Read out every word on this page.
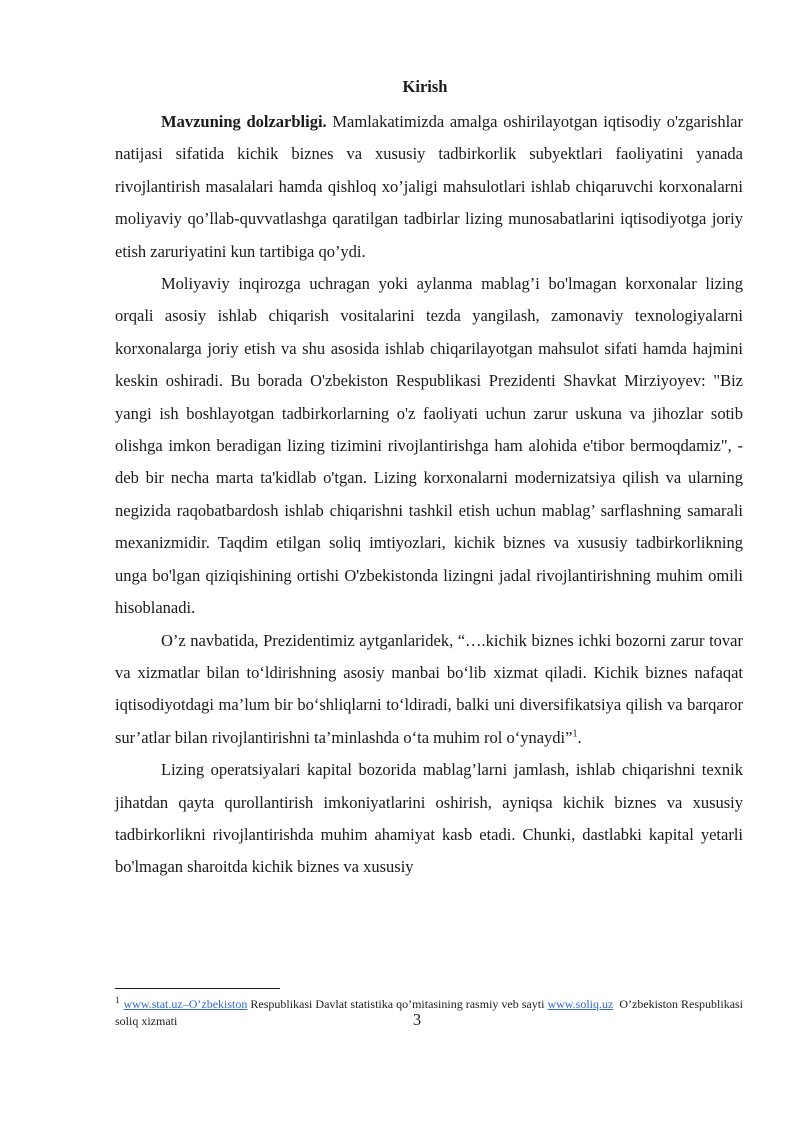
Kirish

Mavzuning dolzarbligi. Mamlakatimizda amalga oshirilayotgan iqtisodiy o'zgarishlar natijasi sifatida kichik biznes va xususiy tadbirkorlik subyektlari faoliyatini yanada rivojlantirish masalalari hamda qishloq xo’jaligi mahsulotlari ishlab chiqaruvchi korxonalarni moliyaviy qo’llab-quvvatlashga qaratilgan tadbirlar lizing munosabatlarini iqtisodiyotga joriy etish zaruriyatini kun tartibiga qo’ydi.

Moliyaviy inqirozga uchragan yoki aylanma mablag’i bo'lmagan korxonalar lizing orqali asosiy ishlab chiqarish vositalarini tezda yangilash, zamonaviy texnologiyalarni korxonalarga joriy etish va shu asosida ishlab chiqarilayotgan mahsulot sifati hamda hajmini keskin oshiradi. Bu borada O'zbekiston Respublikasi Prezidenti Shavkat Mirziyoyev: "Biz yangi ish boshlayotgan tadbirkorlarning o'z faoliyati uchun zarur uskuna va jihozlar sotib olishga imkon beradigan lizing tizimini rivojlantirishga ham alohida e'tibor bermoqdamiz", - deb bir necha marta ta'kidlab o'tgan. Lizing korxonalarni modernizatsiya qilish va ularning negizida raqobatbardosh ishlab chiqarishni tashkil etish uchun mablag’ sarflashning samarali mexanizmidir. Taqdim etilgan soliq imtiyozlari, kichik biznes va xususiy tadbirkorlikning unga bo'lgan qiziqishining ortishi O'zbekistonda lizingni jadal rivojlantirishning muhim omili hisoblanadi.

O’z navbatida, Prezidentimiz aytganlaridek, “….kichik biznes ichki bozorni zarur tovar va xizmatlar bilan to‘ldirishning asosiy manbai bo‘lib xizmat qiladi. Kichik biznes nafaqat iqtisodiyotdagi ma’lum bir bo‘shliqlarni to‘ldiradi, balki uni diversifikatsiya qilish va barqaror sur’atlar bilan rivojlantirishni ta’minlashda o‘ta muhim rol o‘ynaydi”$^1$.

Lizing operatsiyalari kapital bozorida mablag’larni jamlash, ishlab chiqarishni texnik jihatdan qayta qurollantirish imkoniyatlarini oshirish, ayniqsa kichik biznes va xususiy tadbirkorlikni rivojlantirishda muhim ahamiyat kasb etadi. Chunki, dastlabki kapital yetarli bo'lmagan sharoitda kichik biznes va xususiy

$^1$ www.stat.uz–O’zbekiston Respublikasi Davlat statistika qo’mitasining rasmiy veb sayti www.soliq.uz O’zbekiston Respublikasi soliq xizmati	3
